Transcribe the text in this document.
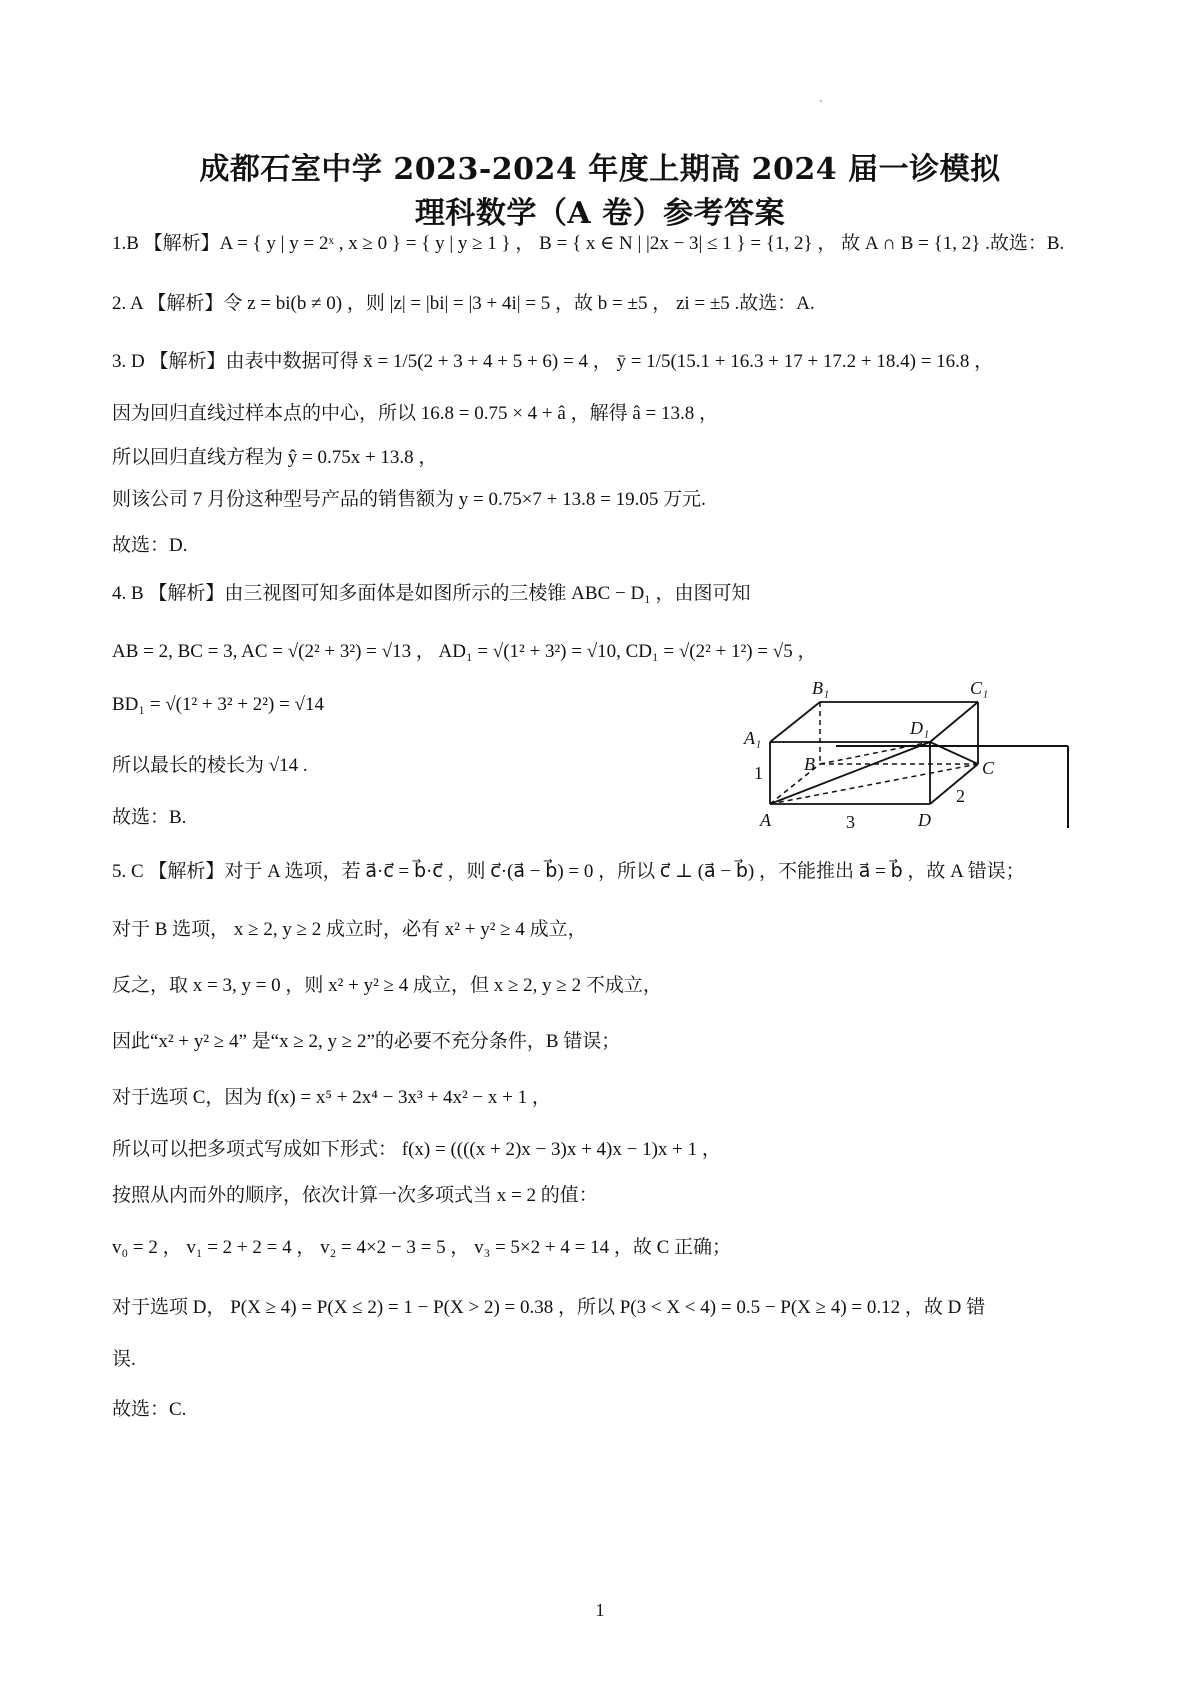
成都石室中学 2023-2024 年度上期高 2024 届一诊模拟
理科数学（A 卷）参考答案
1.B 【解析】A = { y | y = 2ˣ , x ≥ 0 } = { y | y ≥ 1 } ， B = { x ∈ N | |2x − 3| ≤ 1 } = {1, 2} ， 故 A ∩ B = {1, 2} .故选：B.
2. A 【解析】令 z = bi(b ≠ 0) ，则 |z| = |bi| = |3 + 4i| = 5 ，故 b = ±5 ， zi = ±5 .故选：A.
3. D 【解析】由表中数据可得 x̄ = 1/5(2 + 3 + 4 + 5 + 6) = 4 ， ȳ = 1/5(15.1 + 16.3 + 17 + 17.2 + 18.4) = 16.8 ，
因为回归直线过样本点的中心，所以 16.8 = 0.75 × 4 + â ，解得 â = 13.8 ，
所以回归直线方程为 ŷ = 0.75x + 13.8 ，
则该公司 7 月份这种型号产品的销售额为 y = 0.75×7 + 13.8 = 19.05 万元.
故选：D.
4. B 【解析】由三视图可知多面体是如图所示的三棱锥 ABC − D₁ ，由图可知
AB = 2, BC = 3, AC = √(2² + 3²) = √13 ， AD₁ = √(1² + 3²) = √10, CD₁ = √(2² + 1²) = √5 ，
BD₁ = √(1² + 3² + 2²) = √14
所以最长的棱长为 √14 .
故选：B.
5. C 【解析】对于 A 选项，若 a⃗·c⃗ = b⃗·c⃗ ，则 c⃗·(a⃗ − b⃗) = 0 ，所以 c⃗ ⊥ (a⃗ − b⃗) ，不能推出 a⃗ = b⃗ ，故 A 错误；
对于 B 选项， x ≥ 2, y ≥ 2 成立时，必有 x² + y² ≥ 4 成立，
反之，取 x = 3, y = 0 ，则 x² + y² ≥ 4 成立，但 x ≥ 2, y ≥ 2 不成立，
因此“x² + y² ≥ 4” 是“x ≥ 2, y ≥ 2”的必要不充分条件，B 错误；
对于选项 C，因为 f(x) = x⁵ + 2x⁴ − 3x³ + 4x² − x + 1 ，
所以可以把多项式写成如下形式： f(x) = ((((x + 2)x − 3)x + 4)x − 1)x + 1 ，
按照从内而外的顺序，依次计算一次多项式当 x = 2 的值：
v₀ = 2 ， v₁ = 2 + 2 = 4 ， v₂ = 4×2 − 3 = 5 ， v₃ = 5×2 + 4 = 14 ，故 C 正确；
对于选项 D， P(X ≥ 4) = P(X ≤ 2) = 1 − P(X > 2) = 0.38 ，所以 P(3 < X < 4) = 0.5 − P(X ≥ 4) = 0.12 ，故 D 错
误.
故选：C.
B₁	C₁
A₁	D₁
B	C
A	D
1
3
2
1
